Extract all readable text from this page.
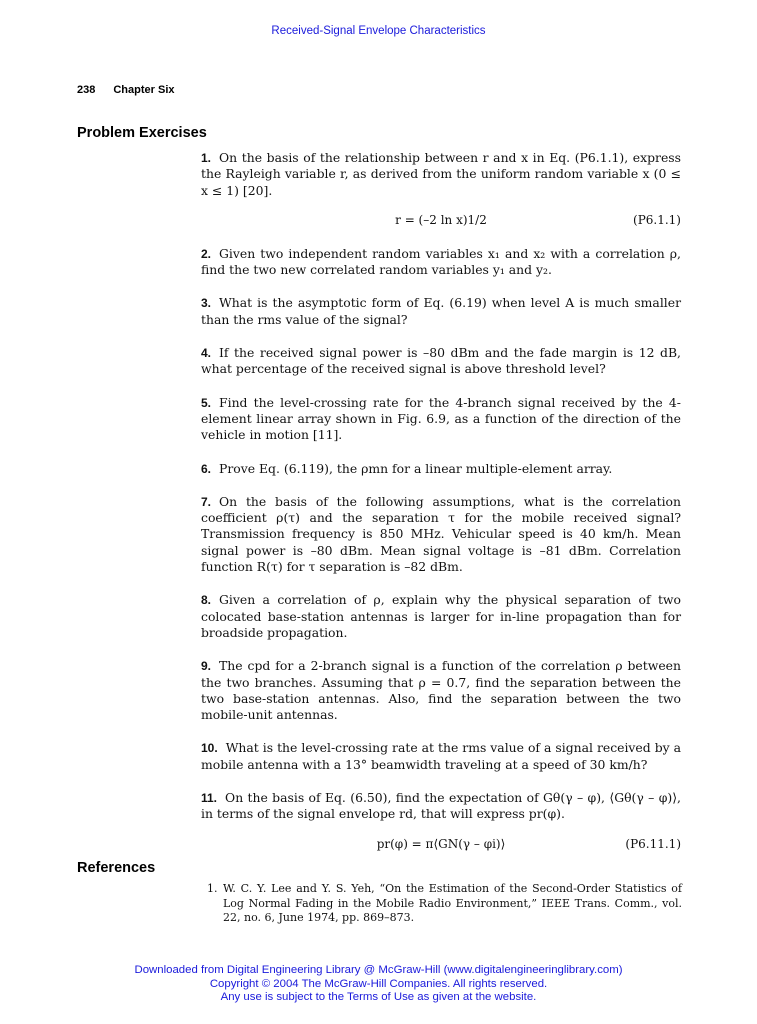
Received-Signal Envelope Characteristics
238 Chapter Six
Problem Exercises
1. On the basis of the relationship between r and x in Eq. (P6.1.1), express the Rayleigh variable r, as derived from the uniform random variable x (0 ≤ x ≤ 1) [20].
r = (–2 ln x)1/2	(P6.1.1)
2. Given two independent random variables x₁ and x₂ with a correlation ρ, find the two new correlated random variables y₁ and y₂.
3. What is the asymptotic form of Eq. (6.19) when level A is much smaller than the rms value of the signal?
4. If the received signal power is –80 dBm and the fade margin is 12 dB, what percentage of the received signal is above threshold level?
5. Find the level-crossing rate for the 4-branch signal received by the 4-element linear array shown in Fig. 6.9, as a function of the direction of the vehicle in motion [11].
6. Prove Eq. (6.119), the ρmn for a linear multiple-element array.
7. On the basis of the following assumptions, what is the correlation coefficient ρ(τ) and the separation τ for the mobile received signal? Transmission frequency is 850 MHz. Vehicular speed is 40 km/h. Mean signal power is –80 dBm. Mean signal voltage is –81 dBm. Correlation function R(τ) for τ separation is –82 dBm.
8. Given a correlation of ρ, explain why the physical separation of two colocated base-station antennas is larger for in-line propagation than for broadside propagation.
9. The cpd for a 2-branch signal is a function of the correlation ρ between the two branches. Assuming that ρ = 0.7, find the separation between the two base-station antennas. Also, find the separation between the two mobile-unit antennas.
10. What is the level-crossing rate at the rms value of a signal received by a mobile antenna with a 13° beamwidth traveling at a speed of 30 km/h?
11. On the basis of Eq. (6.50), find the expectation of Gθ(γ – φ), ⟨Gθ(γ – φ)⟩, in terms of the signal envelope rd, that will express pr(φ).
pr(φ) = π⟨GN(γ – φi)⟩	(P6.11.1)
References
1. W. C. Y. Lee and Y. S. Yeh, “On the Estimation of the Second-Order Statistics of Log Normal Fading in the Mobile Radio Environment,” IEEE Trans. Comm., vol. 22, no. 6, June 1974, pp. 869–873.
Downloaded from Digital Engineering Library @ McGraw-Hill (www.digitalengineeringlibrary.com)
Copyright © 2004 The McGraw-Hill Companies. All rights reserved.
Any use is subject to the Terms of Use as given at the website.
